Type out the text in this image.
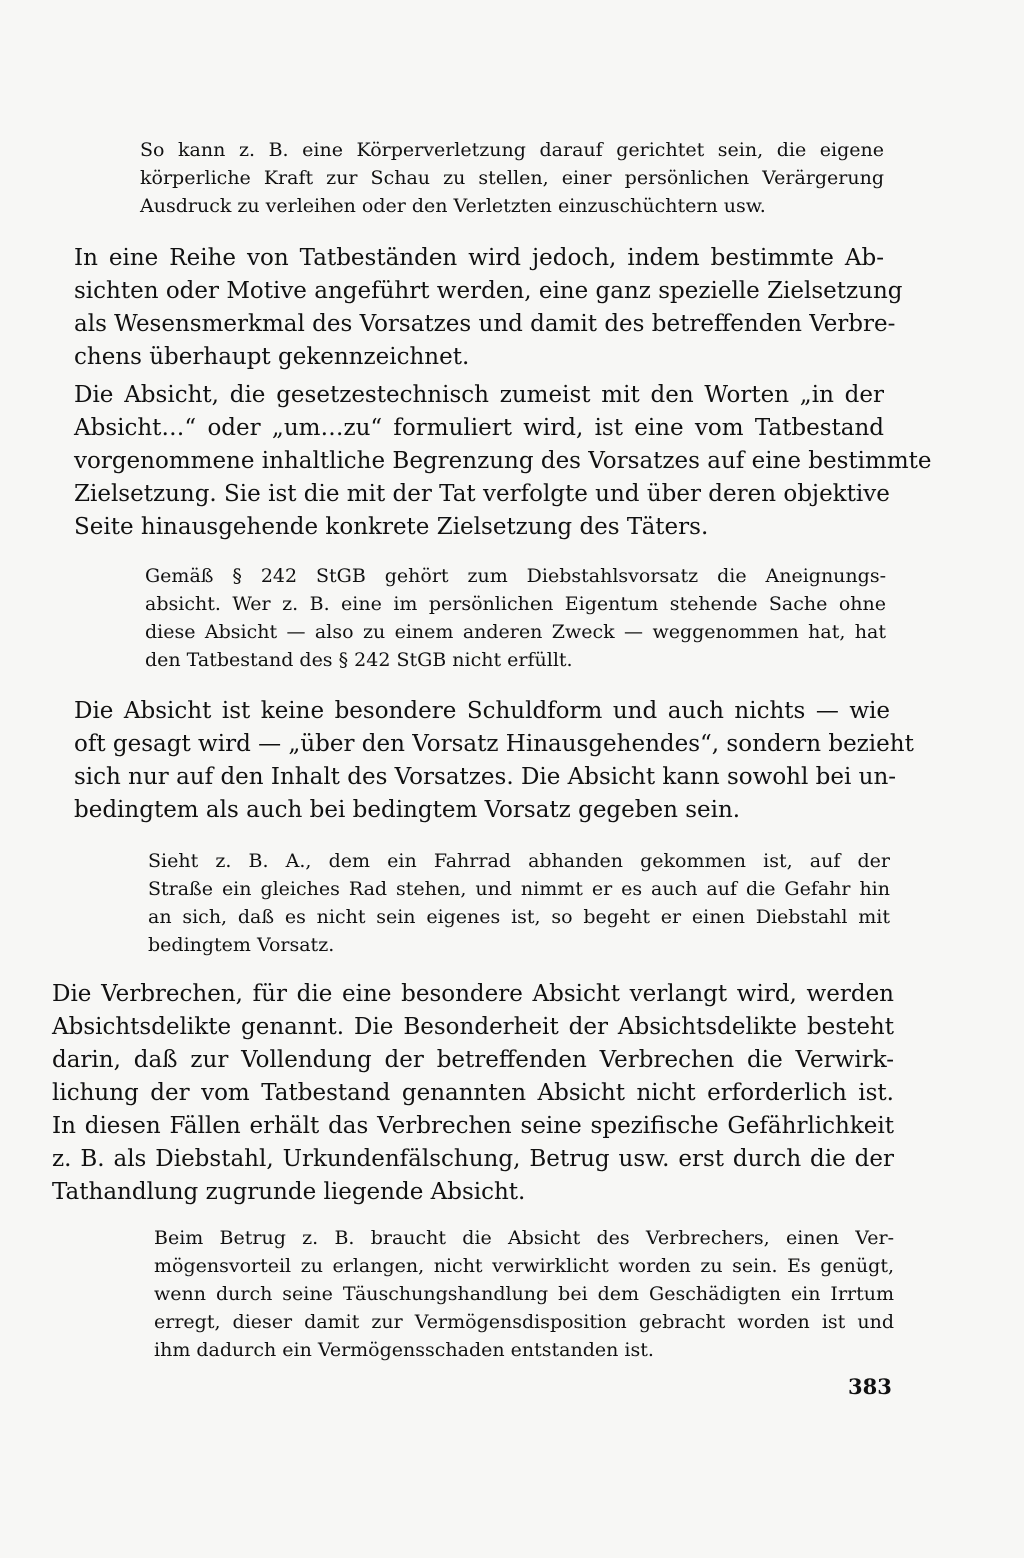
So kann z. B. eine Körperverletzung darauf gerichtet sein, die eigene
körperliche Kraft zur Schau zu stellen, einer persönlichen Verärgerung
Ausdruck zu verleihen oder den Verletzten einzuschüchtern usw.
In eine Reihe von Tatbeständen wird jedoch, indem bestimmte Ab-
sichten oder Motive angeführt werden, eine ganz spezielle Zielsetzung
als Wesensmerkmal des Vorsatzes und damit des betreffenden Verbre-
chens überhaupt gekennzeichnet.
Die Absicht, die gesetzestechnisch zumeist mit den Worten „in der
Absicht…“ oder „um…zu“ formuliert wird, ist eine vom Tatbestand
vorgenommene inhaltliche Begrenzung des Vorsatzes auf eine bestimmte
Zielsetzung. Sie ist die mit der Tat verfolgte und über deren objektive
Seite hinausgehende konkrete Zielsetzung des Täters.
Gemäß § 242 StGB gehört zum Diebstahlsvorsatz die Aneignungs-
absicht. Wer z. B. eine im persönlichen Eigentum stehende Sache ohne
diese Absicht — also zu einem anderen Zweck — weggenommen hat, hat
den Tatbestand des § 242 StGB nicht erfüllt.
Die Absicht ist keine besondere Schuldform und auch nichts — wie
oft gesagt wird — „über den Vorsatz Hinausgehendes“, sondern bezieht
sich nur auf den Inhalt des Vorsatzes. Die Absicht kann sowohl bei un-
bedingtem als auch bei bedingtem Vorsatz gegeben sein.
Sieht z. B. A., dem ein Fahrrad abhanden gekommen ist, auf der
Straße ein gleiches Rad stehen, und nimmt er es auch auf die Gefahr hin
an sich, daß es nicht sein eigenes ist, so begeht er einen Diebstahl mit
bedingtem Vorsatz.
Die Verbrechen, für die eine besondere Absicht verlangt wird, werden
Absichtsdelikte genannt. Die Besonderheit der Absichtsdelikte besteht
darin, daß zur Vollendung der betreffenden Verbrechen die Verwirk-
lichung der vom Tatbestand genannten Absicht nicht erforderlich ist.
In diesen Fällen erhält das Verbrechen seine spezifische Gefährlichkeit
z. B. als Diebstahl, Urkundenfälschung, Betrug usw. erst durch die der
Tathandlung zugrunde liegende Absicht.
Beim Betrug z. B. braucht die Absicht des Verbrechers, einen Ver-
mögensvorteil zu erlangen, nicht verwirklicht worden zu sein. Es genügt,
wenn durch seine Täuschungshandlung bei dem Geschädigten ein Irrtum
erregt, dieser damit zur Vermögensdisposition gebracht worden ist und
ihm dadurch ein Vermögensschaden entstanden ist.
383
